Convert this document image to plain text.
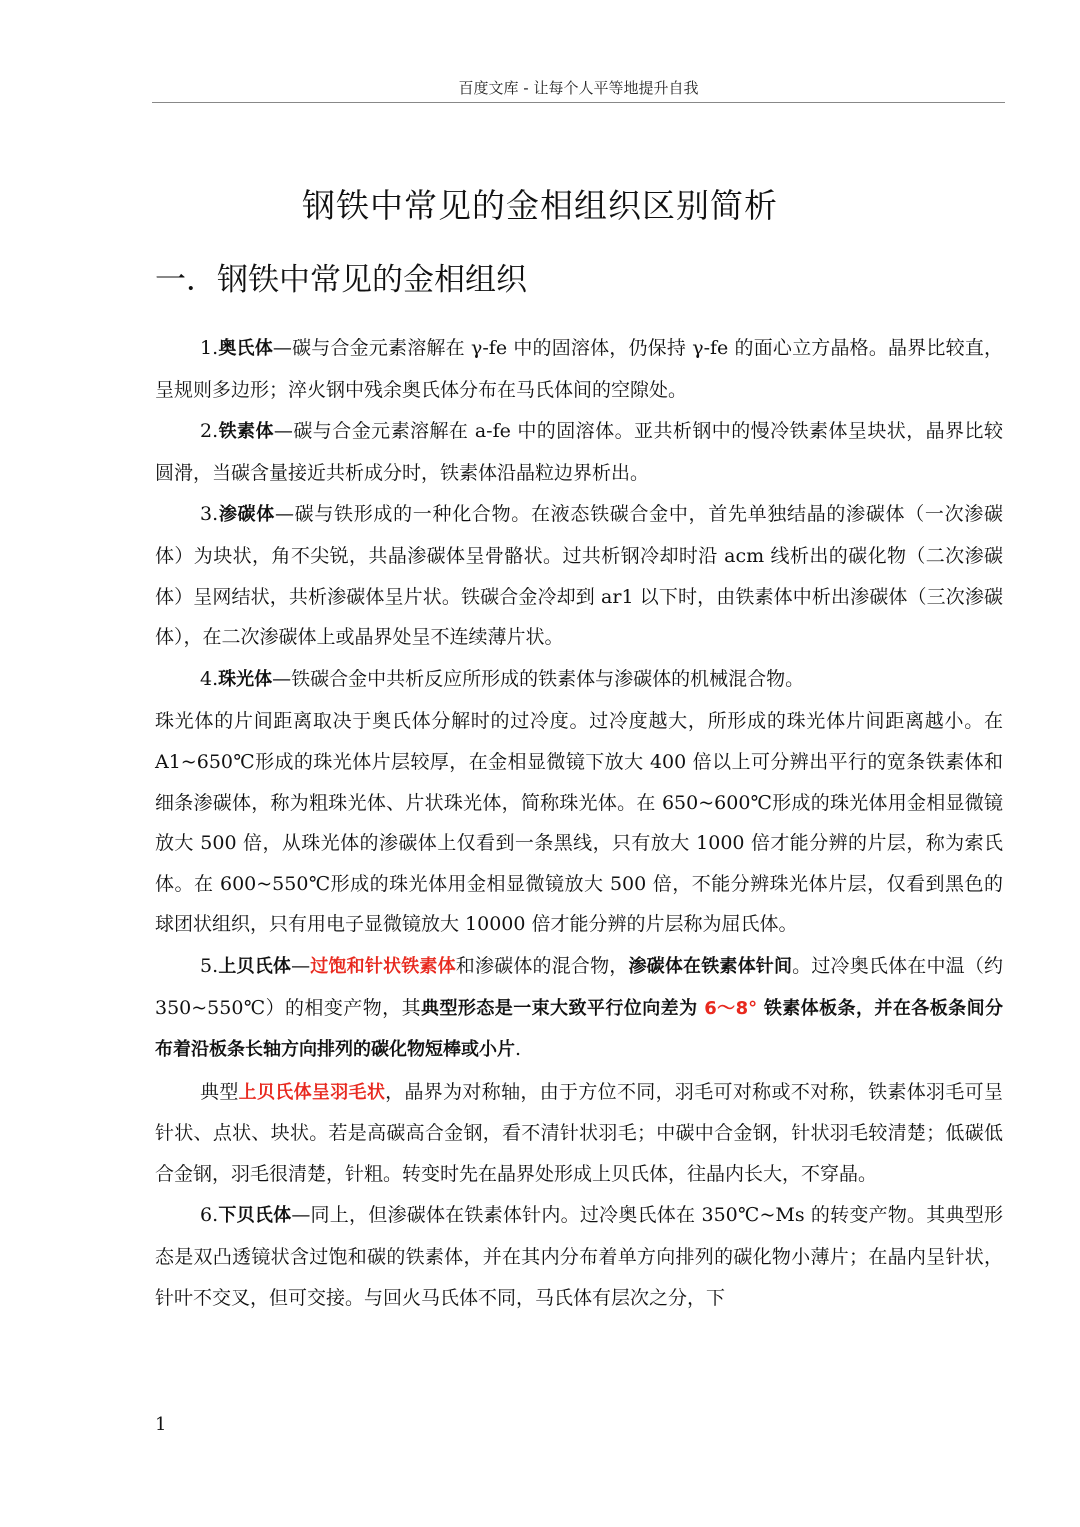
百度文库 - 让每个人平等地提升自我
钢铁中常见的金相组织区别简析
一．钢铁中常见的金相组织

1.奥氏体—碳与合金元素溶解在 γ-fe 中的固溶体，仍保持 γ-fe 的面心立方晶格。晶界比较直，呈规则多边形；淬火钢中残余奥氏体分布在马氏体间的空隙处。

2.铁素体—碳与合金元素溶解在 a-fe 中的固溶体。亚共析钢中的慢冷铁素体呈块状，晶界比较圆滑，当碳含量接近共析成分时，铁素体沿晶粒边界析出。

3.渗碳体—碳与铁形成的一种化合物。在液态铁碳合金中，首先单独结晶的渗碳体（一次渗碳体）为块状，角不尖锐，共晶渗碳体呈骨骼状。过共析钢冷却时沿 acm 线析出的碳化物（二次渗碳体）呈网结状，共析渗碳体呈片状。铁碳合金冷却到 ar1 以下时，由铁素体中析出渗碳体（三次渗碳体），在二次渗碳体上或晶界处呈不连续薄片状。

4.珠光体—铁碳合金中共析反应所形成的铁素体与渗碳体的机械混合物。

珠光体的片间距离取决于奥氏体分解时的过冷度。过冷度越大，所形成的珠光体片间距离越小。在 A1~650℃形成的珠光体片层较厚，在金相显微镜下放大 400 倍以上可分辨出平行的宽条铁素体和细条渗碳体，称为粗珠光体、片状珠光体，简称珠光体。在 650~600℃形成的珠光体用金相显微镜放大 500 倍，从珠光体的渗碳体上仅看到一条黑线，只有放大 1000 倍才能分辨的片层，称为索氏体。在 600~550℃形成的珠光体用金相显微镜放大 500 倍，不能分辨珠光体片层，仅看到黑色的球团状组织，只有用电子显微镜放大 10000 倍才能分辨的片层称为屈氏体。

5.上贝氏体—过饱和针状铁素体和渗碳体的混合物，渗碳体在铁素体针间。过冷奥氏体在中温（约 350~550℃）的相变产物，其典型形态是一束大致平行位向差为 6～8° 铁素体板条，并在各板条间分布着沿板条长轴方向排列的碳化物短棒或小片.

典型上贝氏体呈羽毛状，晶界为对称轴，由于方位不同，羽毛可对称或不对称，铁素体羽毛可呈针状、点状、块状。若是高碳高合金钢，看不清针状羽毛；中碳中合金钢，针状羽毛较清楚；低碳低合金钢，羽毛很清楚，针粗。转变时先在晶界处形成上贝氏体，往晶内长大，不穿晶。

6.下贝氏体—同上，但渗碳体在铁素体针内。过冷奥氏体在 350℃~Ms 的转变产物。其典型形态是双凸透镜状含过饱和碳的铁素体，并在其内分布着单方向排列的碳化物小薄片；在晶内呈针状，针叶不交叉，但可交接。与回火马氏体不同，马氏体有层次之分，下

1
